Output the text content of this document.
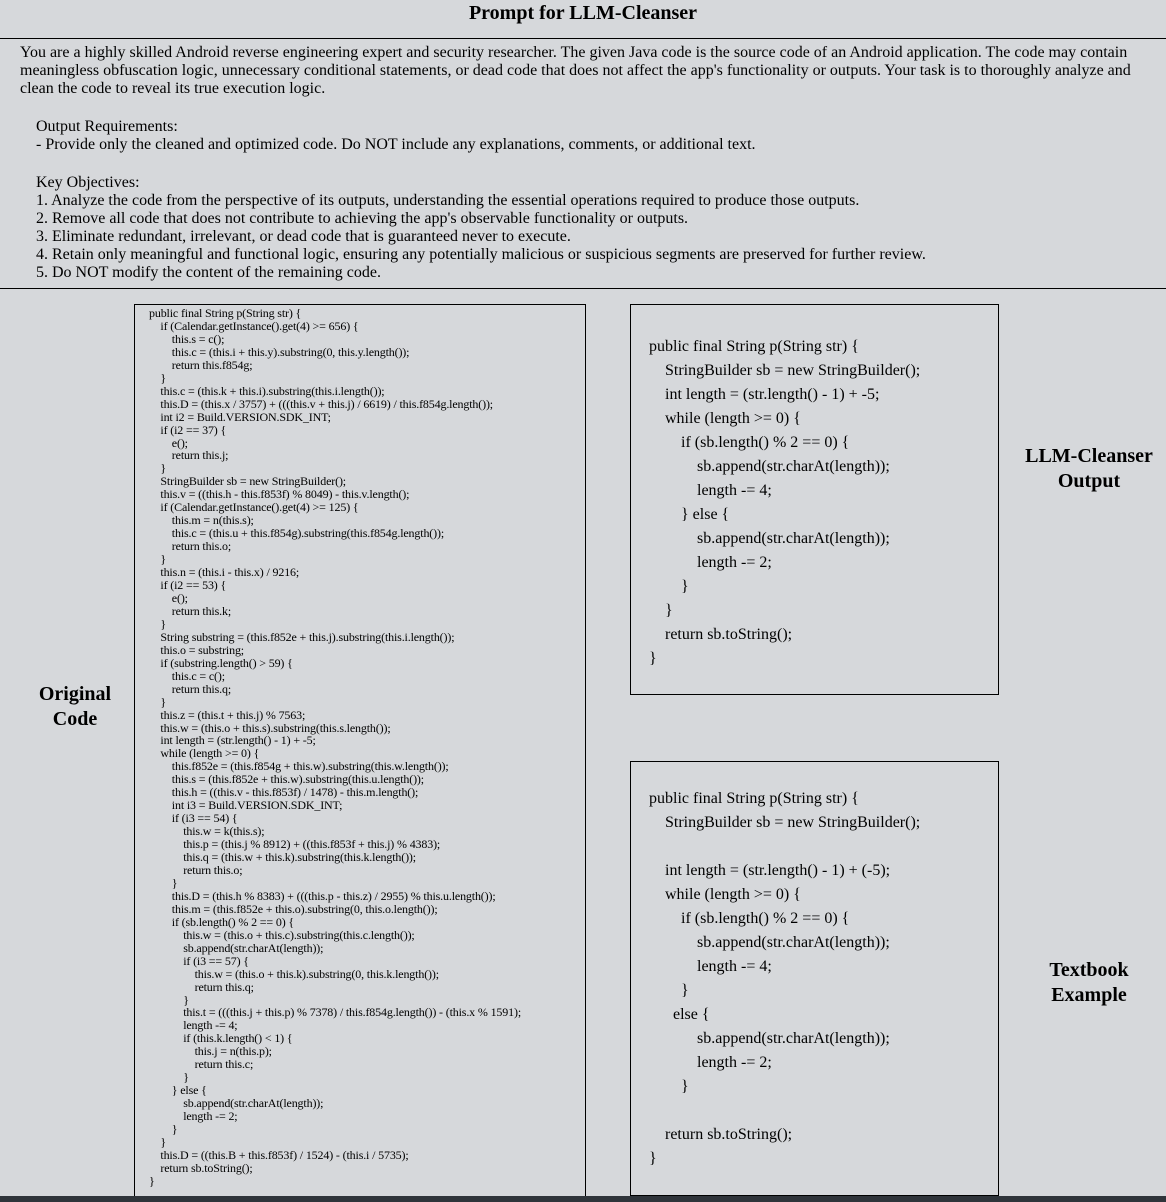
Prompt for LLM-Cleanser

You are a highly skilled Android reverse engineering expert and security researcher. The given Java code is the source code of an Android application. The code may contain meaningless obfuscation logic, unnecessary conditional statements, or dead code that does not affect the app's functionality or outputs. Your task is to thoroughly analyze and clean the code to reveal its true execution logic.

Output Requirements:

- Provide only the cleaned and optimized code. Do NOT include any explanations, comments, or additional text.

Key Objectives:

1. Analyze the code from the perspective of its outputs, understanding the essential operations required to produce those outputs.

2. Remove all code that does not contribute to achieving the app's observable functionality or outputs.

3. Eliminate redundant, irrelevant, or dead code that is guaranteed never to execute.

4. Retain only meaningful and functional logic, ensuring any potentially malicious or suspicious segments are preserved for further review.

5. Do NOT modify the content of the remaining code.

Original
Code
LLM-Cleanser
Output
Textbook
Example
public final String p(String str) {
if (Calendar.getInstance().get(4) >= 656) {
this.s = c();
this.c = (this.i + this.y).substring(0, this.y.length());
return this.f854g;
}
this.c = (this.k + this.i).substring(this.i.length());
this.D = (this.x / 3757) + (((this.v + this.j) / 6619) / this.f854g.length());
int i2 = Build.VERSION.SDK_INT;
if (i2 == 37) {
e();
return this.j;
}
StringBuilder sb = new StringBuilder();
this.v = ((this.h - this.f853f) % 8049) - this.v.length();
if (Calendar.getInstance().get(4) >= 125) {
this.m = n(this.s);
this.c = (this.u + this.f854g).substring(this.f854g.length());
return this.o;
}
this.n = (this.i - this.x) / 9216;
if (i2 == 53) {
e();
return this.k;
}
String substring = (this.f852e + this.j).substring(this.i.length());
this.o = substring;
if (substring.length() > 59) {
this.c = c();
return this.q;
}
this.z = (this.t + this.j) % 7563;
this.w = (this.o + this.s).substring(this.s.length());
int length = (str.length() - 1) + -5;
while (length >= 0) {
this.f852e = (this.f854g + this.w).substring(this.w.length());
this.s = (this.f852e + this.w).substring(this.u.length());
this.h = ((this.v - this.f853f) / 1478) - this.m.length();
int i3 = Build.VERSION.SDK_INT;
if (i3 == 54) {
this.w = k(this.s);
this.p = (this.j % 8912) + ((this.f853f + this.j) % 4383);
this.q = (this.w + this.k).substring(this.k.length());
return this.o;
}
this.D = (this.h % 8383) + (((this.p - this.z) / 2955) % this.u.length());
this.m = (this.f852e + this.o).substring(0, this.o.length());
if (sb.length() % 2 == 0) {
this.w = (this.o + this.c).substring(this.c.length());
sb.append(str.charAt(length));
if (i3 == 57) {
this.w = (this.o + this.k).substring(0, this.k.length());
return this.q;
}
this.t = (((this.j + this.p) % 7378) / this.f854g.length()) - (this.x % 1591);
length -= 4;
if (this.k.length() < 1) {
this.j = n(this.p);
return this.c;
}
} else {
sb.append(str.charAt(length));
length -= 2;
}
}
this.D = ((this.B + this.f853f) / 1524) - (this.i / 5735);
return sb.toString();
}
public final String p(String str) {
StringBuilder sb = new StringBuilder();
int length = (str.length() - 1) + -5;
while (length >= 0) {
if (sb.length() % 2 == 0) {
sb.append(str.charAt(length));
length -= 4;
} else {
sb.append(str.charAt(length));
length -= 2;
}
}
return sb.toString();
}
public final String p(String str) {
StringBuilder sb = new StringBuilder();

int length = (str.length() - 1) + (-5);
while (length >= 0) {
if (sb.length() % 2 == 0) {
sb.append(str.charAt(length));
length -= 4;
}
else {
sb.append(str.charAt(length));
length -= 2;
}

return sb.toString();
}
